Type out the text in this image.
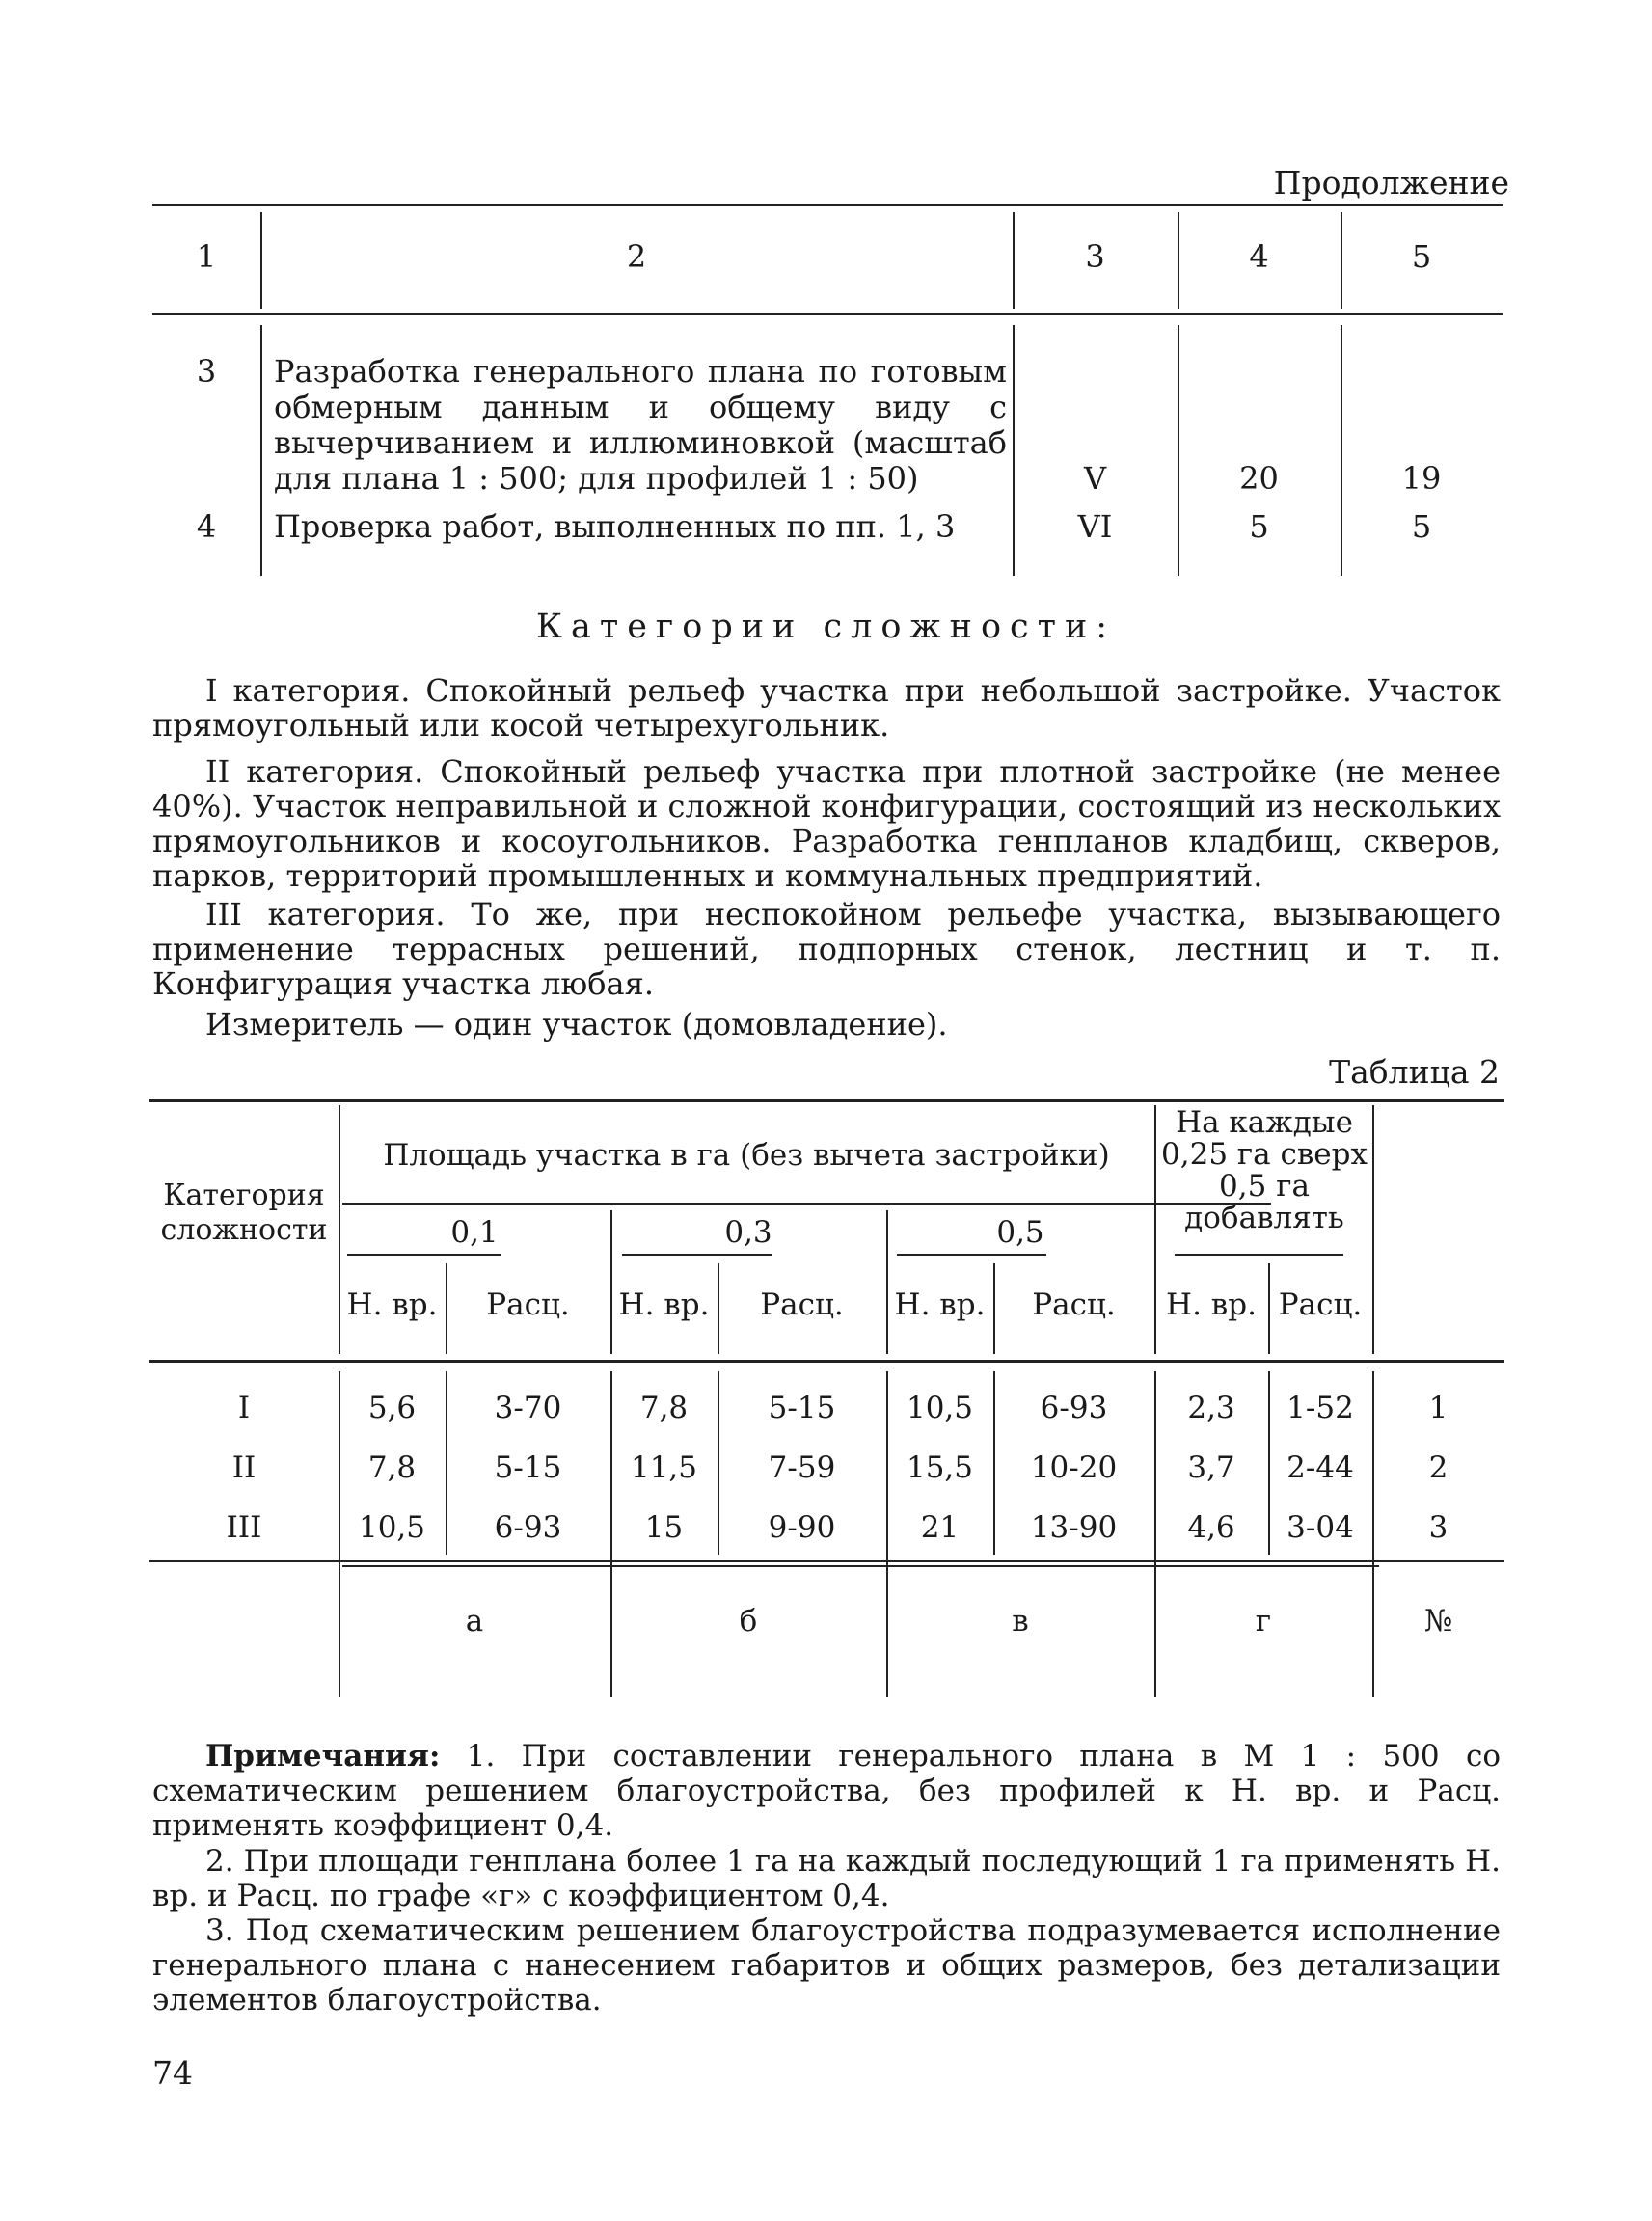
Продолжение
1	2	3	4	5
3	Разработка генерального плана по готовым обмерным данным и общему виду с вычерчиванием и иллюминовкой (масштаб для плана 1 : 500; для профилей 1 : 50)	V	20	19
4	Проверка работ, выполненных по пп. 1, 3	VI	5	5
Категории сложности:
I категория. Спокойный рельеф участка при небольшой застройке. Участок прямоугольный или косой четырехугольник.
II категория. Спокойный рельеф участка при плотной застройке (не менее 40%). Участок неправильной и сложной конфигурации, состоящий из нескольких прямоугольников и косоугольников. Разработка генпланов кладбищ, скверов, парков, территорий промышленных и коммунальных предприятий.
III категория. То же, при неспокойном рельефе участка, вызывающего применение террасных решений, подпорных стенок, лестниц и т. п. Конфигурация участка любая.
Измеритель — один участок (домовладение).
Таблица 2
Категория сложности
Площадь участка в га (без вычета застройки)
На каждые 0,25 га сверх 0,5 га добавлять
0,1	0,3	0,5
Н. вр.	Расц.	Н. вр.	Расц.	Н. вр.	Расц.	Н. вр. Расц.
I	5,6	3-70	7,8	5-15	10,5	6-93	2,3	1-52	1
II	7,8	5-15	11,5	7-59	15,5	10-20	3,7	2-44	2
III	10,5	6-93	15	9-90	21	13-90	4,6	3-04	3
а	б	в	г	№
Примечания: 1. При составлении генерального плана в М 1 : 500 со схематическим решением благоустройства, без профилей к Н. вр. и Расц. применять коэффициент 0,4.
2. При площади генплана более 1 га на каждый последующий 1 га применять Н. вр. и Расц. по графе «г» с коэффициентом 0,4.
3. Под схематическим решением благоустройства подразумевается исполнение генерального плана с нанесением габаритов и общих размеров, без детализации элементов благоустройства.
74
